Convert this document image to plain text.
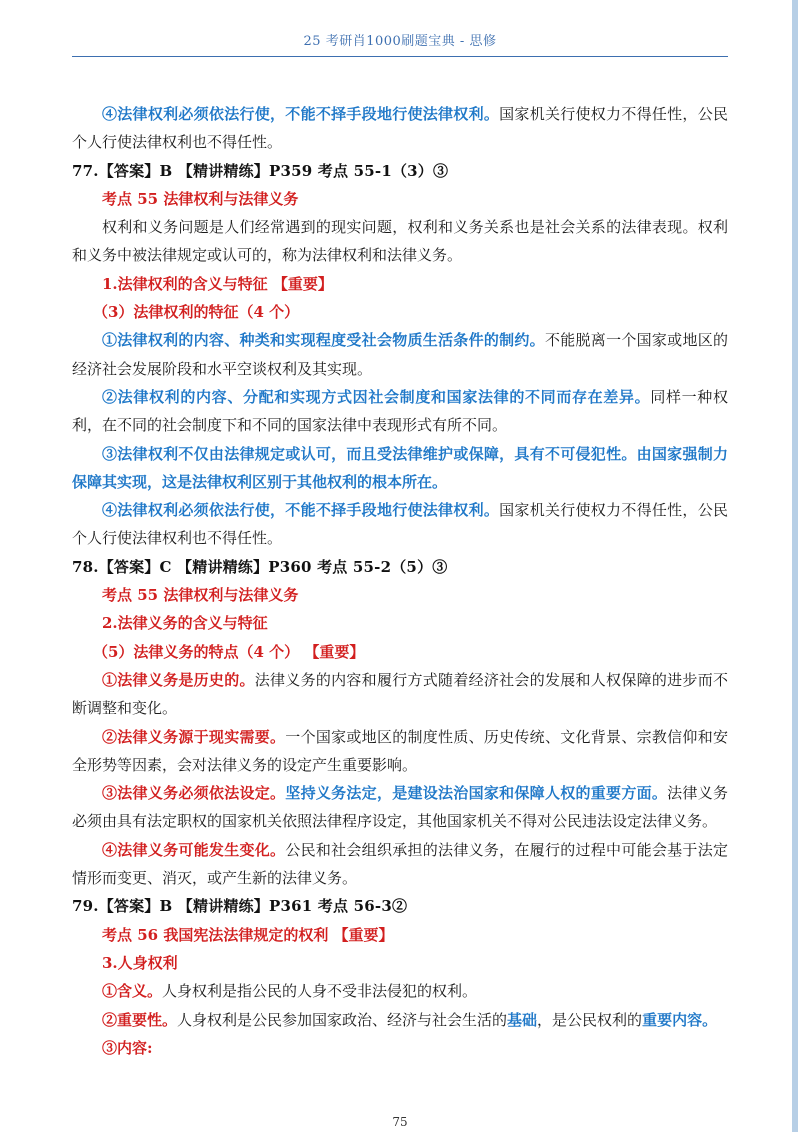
25 考研肖1000刷题宝典 - 思修

④法律权利必须依法行使，不能不择手段地行使法律权利。国家机关行使权力不得任性，公民个人行使法律权利也不得任性。

77.【答案】B 【精讲精练】P359 考点 55-1（3）③

考点 55 法律权利与法律义务

权利和义务问题是人们经常遇到的现实问题，权利和义务关系也是社会关系的法律表现。权利和义务中被法律规定或认可的，称为法律权利和法律义务。

1.法律权利的含义与特征 【重要】

（3）法律权利的特征（4 个）

①法律权利的内容、种类和实现程度受社会物质生活条件的制约。不能脱离一个国家或地区的经济社会发展阶段和水平空谈权利及其实现。

②法律权利的内容、分配和实现方式因社会制度和国家法律的不同而存在差异。同样一种权利，在不同的社会制度下和不同的国家法律中表现形式有所不同。

③法律权利不仅由法律规定或认可，而且受法律维护或保障，具有不可侵犯性。由国家强制力保障其实现，这是法律权利区别于其他权利的根本所在。

④法律权利必须依法行使，不能不择手段地行使法律权利。国家机关行使权力不得任性，公民个人行使法律权利也不得任性。

78.【答案】C 【精讲精练】P360 考点 55-2（5）③

考点 55 法律权利与法律义务

2.法律义务的含义与特征

（5）法律义务的特点（4 个） 【重要】

①法律义务是历史的。法律义务的内容和履行方式随着经济社会的发展和人权保障的进步而不断调整和变化。

②法律义务源于现实需要。一个国家或地区的制度性质、历史传统、文化背景、宗教信仰和安全形势等因素，会对法律义务的设定产生重要影响。

③法律义务必须依法设定。坚持义务法定，是建设法治国家和保障人权的重要方面。法律义务必须由具有法定职权的国家机关依照法律程序设定，其他国家机关不得对公民违法设定法律义务。

④法律义务可能发生变化。公民和社会组织承担的法律义务，在履行的过程中可能会基于法定情形而变更、消灭，或产生新的法律义务。

79.【答案】B 【精讲精练】P361 考点 56-3②

考点 56 我国宪法法律规定的权利 【重要】

3.人身权利

①含义。人身权利是指公民的人身不受非法侵犯的权利。

②重要性。人身权利是公民参加国家政治、经济与社会生活的基础，是公民权利的重要内容。

③内容:

75
